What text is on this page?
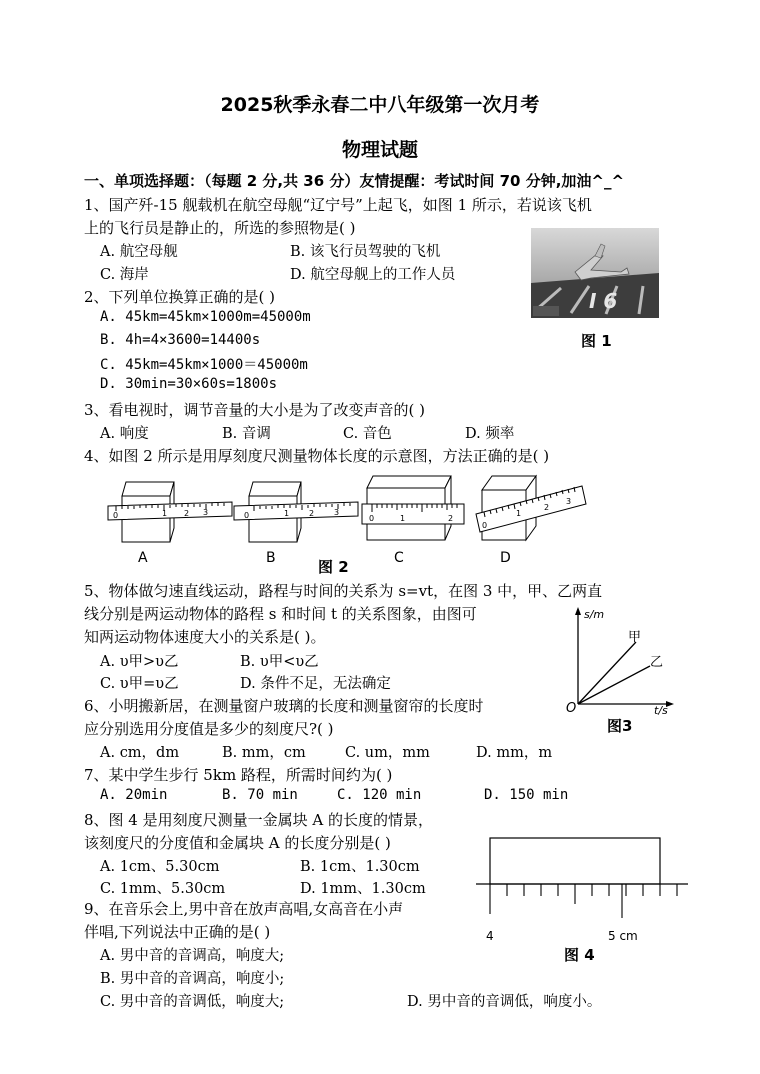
2025秋季永春二中八年级第一次月考
物理试题
一、单项选择题：（每题 2 分,共 36 分）友情提醒：考试时间 70 分钟,加油^_^
1、国产歼-15 舰载机在航空母舰“辽宁号”上起飞，如图 1 所示，若说该飞机
上的飞行员是静止的，所选的参照物是( )
A. 航空母舰	B. 该飞行员驾驶的飞机
C. 海岸	D. 航空母舰上的工作人员
I 6
图 1
2、下列单位换算正确的是( )
A. 45km=45km×1000m=45000m
B. 4h=4×3600=14400s
C. 45km=45km×1000＝45000m
D. 30min=30×60s=1800s
3、看电视时，调节音量的大小是为了改变声音的( )
A. 响度	B. 音调	C. 音色	D. 频率
4、如图 2 所示是用厚刻度尺测量物体长度的示意图，方法正确的是( )
0	1 2 3
A
0	1 2 3
B
0	1	2
C
0
1
2
3
D
图 2
5、物体做匀速直线运动，路程与时间的关系为 s=vt，在图 3 中，甲、乙两直
线分别是两运动物体的路程 s 和时间 t 的关系图象，由图可
知两运动物体速度大小的关系是( )。
A. υ甲>υ乙	B. υ甲<υ乙
C. υ甲=υ乙	D. 条件不足，无法确定
s/m
t/s
O
甲
乙
图3
6、小明搬新居，在测量窗户玻璃的长度和测量窗帘的长度时
应分别选用分度值是多少的刻度尺?( )
A. cm，dm	B. mm，cm	C. um，mm	D. mm，m
7、某中学生步行 5km 路程，所需时间约为( )
A. 20min	B. 70 min	C. 120 min	D. 150 min
8、图 4 是用刻度尺测量一金属块 A 的长度的情景，
该刻度尺的分度值和金属块 A 的长度分别是( )
A. 1cm、5.30cm	B. 1cm、1.30cm
C. 1mm、5.30cm	D. 1mm、1.30cm
4	5 cm
图 4
9、在音乐会上,男中音在放声高唱,女高音在小声
伴唱,下列说法中正确的是( )
A. 男中音的音调高，响度大;
B. 男中音的音调高，响度小;
C. 男中音的音调低，响度大;	D. 男中音的音调低，响度小。
